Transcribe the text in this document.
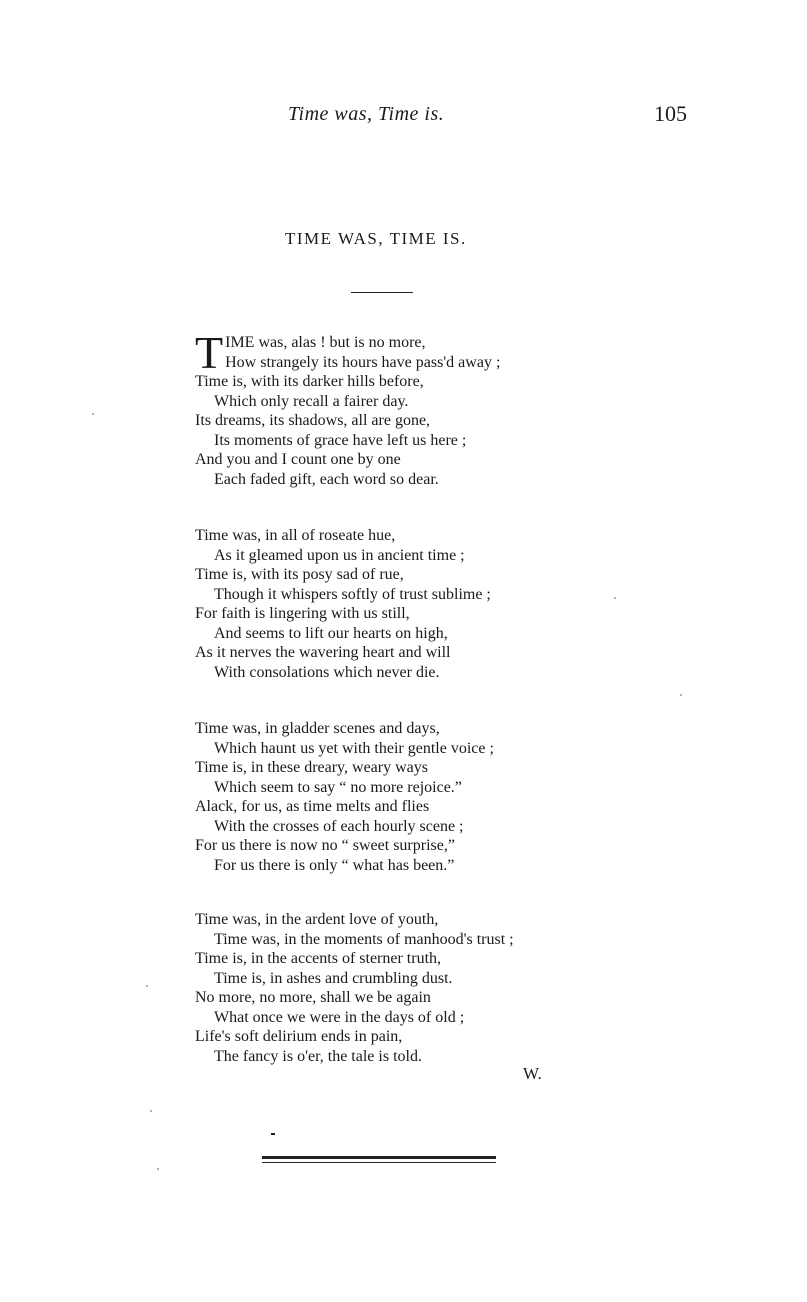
Time was, Time is.	105
TIME WAS, TIME IS.
T IME was, alas ! but is no more,
How strangely its hours have pass'd away ;
Time is, with its darker hills before,
Which only recall a fairer day.
Its dreams, its shadows, all are gone,
Its moments of grace have left us here ;
And you and I count one by one
Each faded gift, each word so dear.
Time was, in all of roseate hue,
As it gleamed upon us in ancient time ;
Time is, with its posy sad of rue,
Though it whispers softly of trust sublime ;
For faith is lingering with us still,
And seems to lift our hearts on high,
As it nerves the wavering heart and will
With consolations which never die.
Time was, in gladder scenes and days,
Which haunt us yet with their gentle voice ;
Time is, in these dreary, weary ways
Which seem to say “ no more rejoice.”
Alack, for us, as time melts and flies
With the crosses of each hourly scene ;
For us there is now no “ sweet surprise,”
For us there is only “ what has been.”
Time was, in the ardent love of youth,
Time was, in the moments of manhood's trust ;
Time is, in the accents of sterner truth,
Time is, in ashes and crumbling dust.
No more, no more, shall we be again
What once we were in the days of old ;
Life's soft delirium ends in pain,
The fancy is o'er, the tale is told.
W.
